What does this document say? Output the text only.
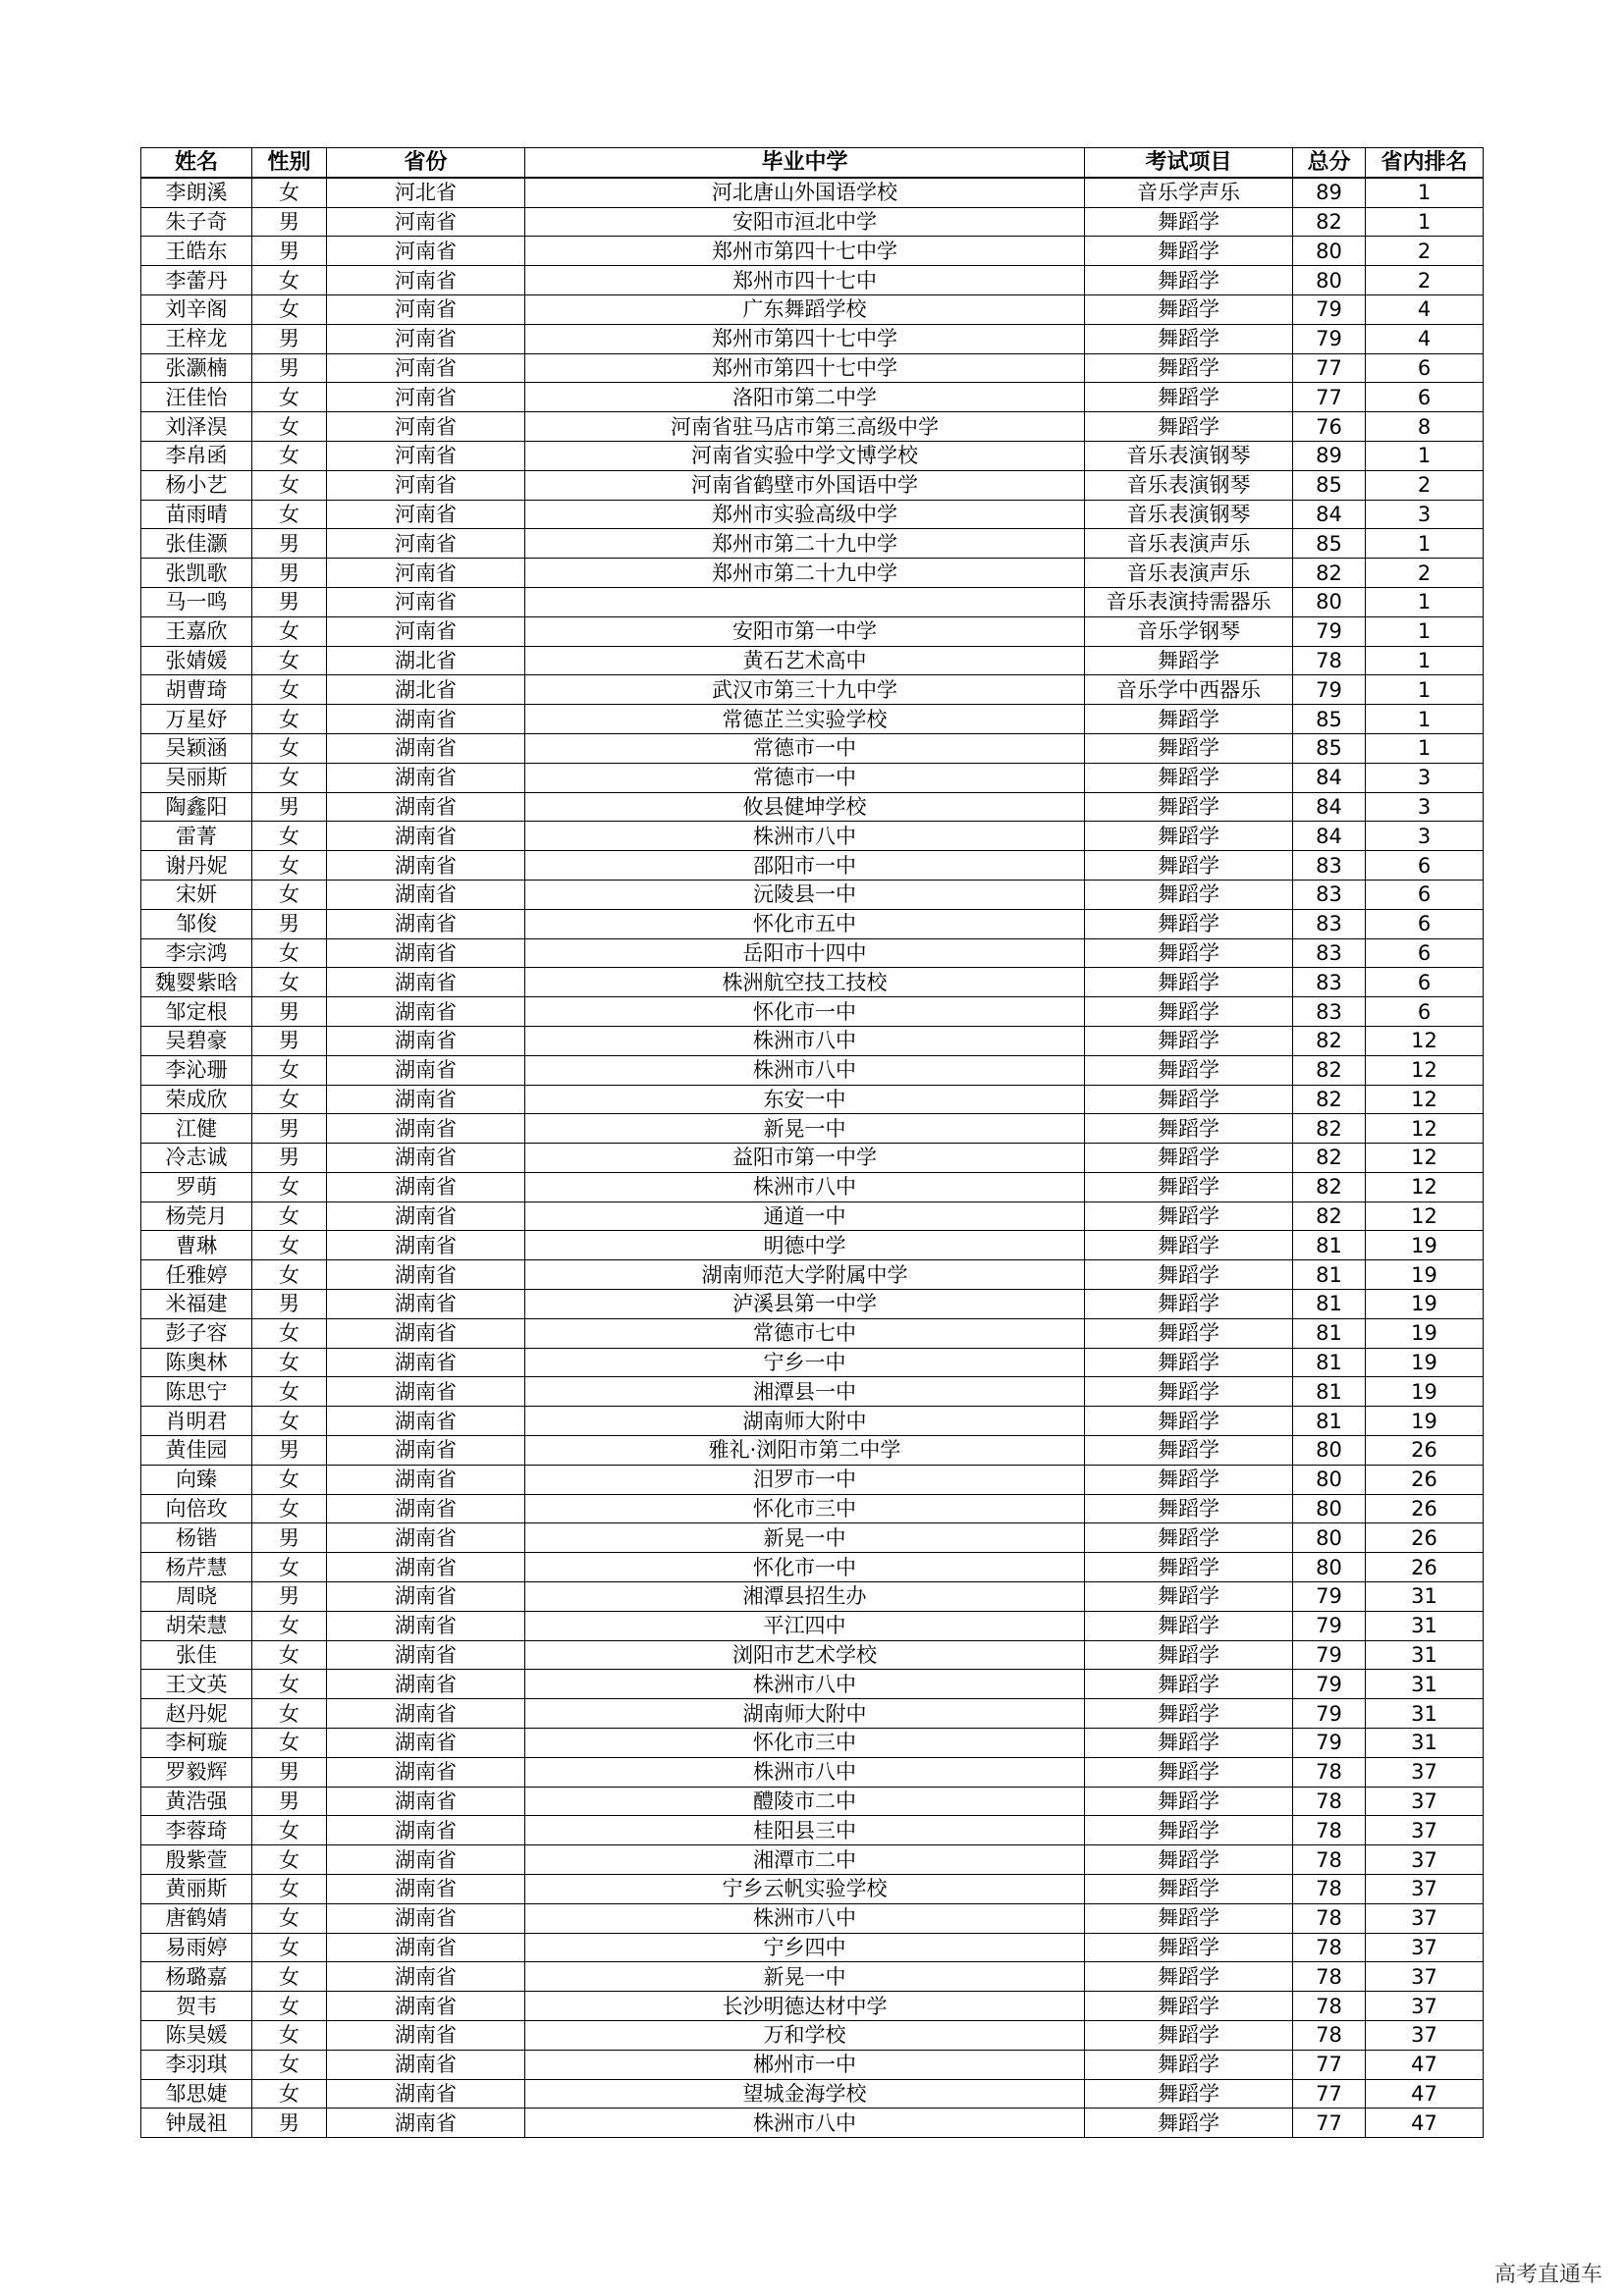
姓名	性别	省份	毕业中学	考试项目	总分	省内排名
李朗溪	女	河北省	河北唐山外国语学校	音乐学声乐	89	1
朱子奇	男	河南省	安阳市洹北中学	舞蹈学	82	1
王皓东	男	河南省	郑州市第四十七中学	舞蹈学	80	2
李蕾丹	女	河南省	郑州市四十七中	舞蹈学	80	2
刘辛阁	女	河南省	广东舞蹈学校	舞蹈学	79	4
王梓龙	男	河南省	郑州市第四十七中学	舞蹈学	79	4
张灏楠	男	河南省	郑州市第四十七中学	舞蹈学	77	6
汪佳怡	女	河南省	洛阳市第二中学	舞蹈学	77	6
刘泽淏	女	河南省	河南省驻马店市第三高级中学	舞蹈学	76	8
李帛函	女	河南省	河南省实验中学文博学校	音乐表演钢琴	89	1
杨小艺	女	河南省	河南省鹤壁市外国语中学	音乐表演钢琴	85	2
苗雨晴	女	河南省	郑州市实验高级中学	音乐表演钢琴	84	3
张佳灏	男	河南省	郑州市第二十九中学	音乐表演声乐	85	1
张凯歌	男	河南省	郑州市第二十九中学	音乐表演声乐	82	2
马一鸣	男	河南省		音乐表演持需器乐	80	1
王嘉欣	女	河南省	安阳市第一中学	音乐学钢琴	79	1
张婧媛	女	湖北省	黄石艺术高中	舞蹈学	78	1
胡曹琦	女	湖北省	武汉市第三十九中学	音乐学中西器乐	79	1
万星妤	女	湖南省	常德芷兰实验学校	舞蹈学	85	1
吴颖涵	女	湖南省	常德市一中	舞蹈学	85	1
吴丽斯	女	湖南省	常德市一中	舞蹈学	84	3
陶鑫阳	男	湖南省	攸县健坤学校	舞蹈学	84	3
雷菁	女	湖南省	株洲市八中	舞蹈学	84	3
谢丹妮	女	湖南省	邵阳市一中	舞蹈学	83	6
宋妍	女	湖南省	沅陵县一中	舞蹈学	83	6
邹俊	男	湖南省	怀化市五中	舞蹈学	83	6
李宗鸿	女	湖南省	岳阳市十四中	舞蹈学	83	6
魏婴紫晗	女	湖南省	株洲航空技工技校	舞蹈学	83	6
邹定根	男	湖南省	怀化市一中	舞蹈学	83	6
吴碧豪	男	湖南省	株洲市八中	舞蹈学	82	12
李沁珊	女	湖南省	株洲市八中	舞蹈学	82	12
荣成欣	女	湖南省	东安一中	舞蹈学	82	12
江健	男	湖南省	新晃一中	舞蹈学	82	12
冷志诚	男	湖南省	益阳市第一中学	舞蹈学	82	12
罗萌	女	湖南省	株洲市八中	舞蹈学	82	12
杨莞月	女	湖南省	通道一中	舞蹈学	82	12
曹琳	女	湖南省	明德中学	舞蹈学	81	19
任雅婷	女	湖南省	湖南师范大学附属中学	舞蹈学	81	19
米福建	男	湖南省	泸溪县第一中学	舞蹈学	81	19
彭子容	女	湖南省	常德市七中	舞蹈学	81	19
陈奥林	女	湖南省	宁乡一中	舞蹈学	81	19
陈思宁	女	湖南省	湘潭县一中	舞蹈学	81	19
肖明君	女	湖南省	湖南师大附中	舞蹈学	81	19
黄佳园	男	湖南省	雅礼·浏阳市第二中学	舞蹈学	80	26
向臻	女	湖南省	汨罗市一中	舞蹈学	80	26
向倍玫	女	湖南省	怀化市三中	舞蹈学	80	26
杨锴	男	湖南省	新晃一中	舞蹈学	80	26
杨芹慧	女	湖南省	怀化市一中	舞蹈学	80	26
周晓	男	湖南省	湘潭县招生办	舞蹈学	79	31
胡荣慧	女	湖南省	平江四中	舞蹈学	79	31
张佳	女	湖南省	浏阳市艺术学校	舞蹈学	79	31
王文英	女	湖南省	株洲市八中	舞蹈学	79	31
赵丹妮	女	湖南省	湖南师大附中	舞蹈学	79	31
李柯璇	女	湖南省	怀化市三中	舞蹈学	79	31
罗毅辉	男	湖南省	株洲市八中	舞蹈学	78	37
黄浩强	男	湖南省	醴陵市二中	舞蹈学	78	37
李蓉琦	女	湖南省	桂阳县三中	舞蹈学	78	37
殷紫萱	女	湖南省	湘潭市二中	舞蹈学	78	37
黄丽斯	女	湖南省	宁乡云帆实验学校	舞蹈学	78	37
唐鹤婧	女	湖南省	株洲市八中	舞蹈学	78	37
易雨婷	女	湖南省	宁乡四中	舞蹈学	78	37
杨璐嘉	女	湖南省	新晃一中	舞蹈学	78	37
贺韦	女	湖南省	长沙明德达材中学	舞蹈学	78	37
陈昊媛	女	湖南省	万和学校	舞蹈学	78	37
李羽琪	女	湖南省	郴州市一中	舞蹈学	77	47
邹思婕	女	湖南省	望城金海学校	舞蹈学	77	47
钟晟祖	男	湖南省	株洲市八中	舞蹈学	77	47
高考直通车
